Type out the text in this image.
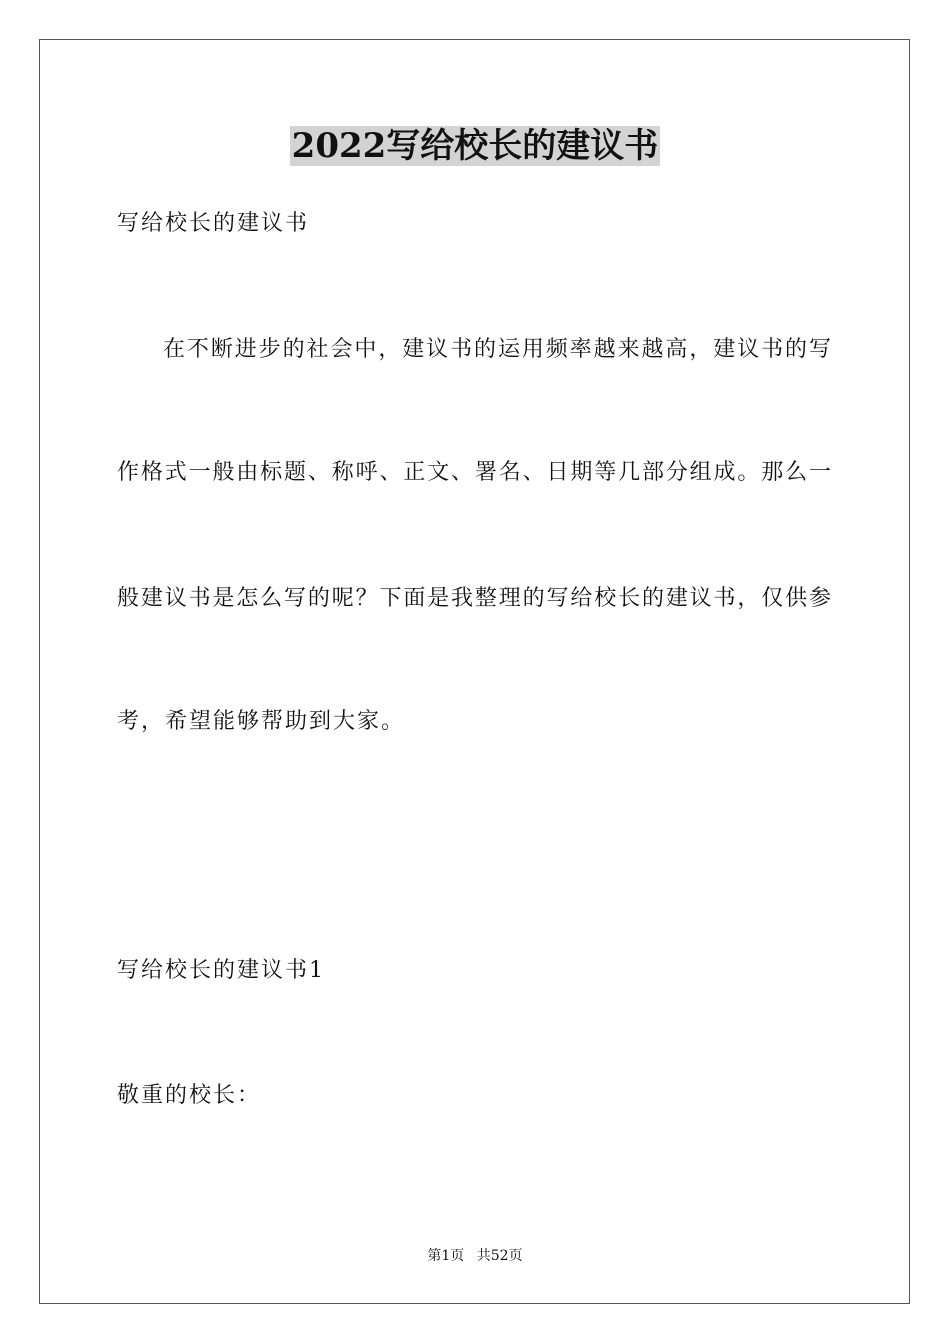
2022写给校长的建议书
写给校长的建议书
在不断进步的社会中，建议书的运用频率越来越高，建议书的写
作格式一般由标题、称呼、正文、署名、日期等几部分组成。那么一
般建议书是怎么写的呢？下面是我整理的写给校长的建议书，仅供参
考，希望能够帮助到大家。
写给校长的建议书1
敬重的校长：
第1页 共52页
